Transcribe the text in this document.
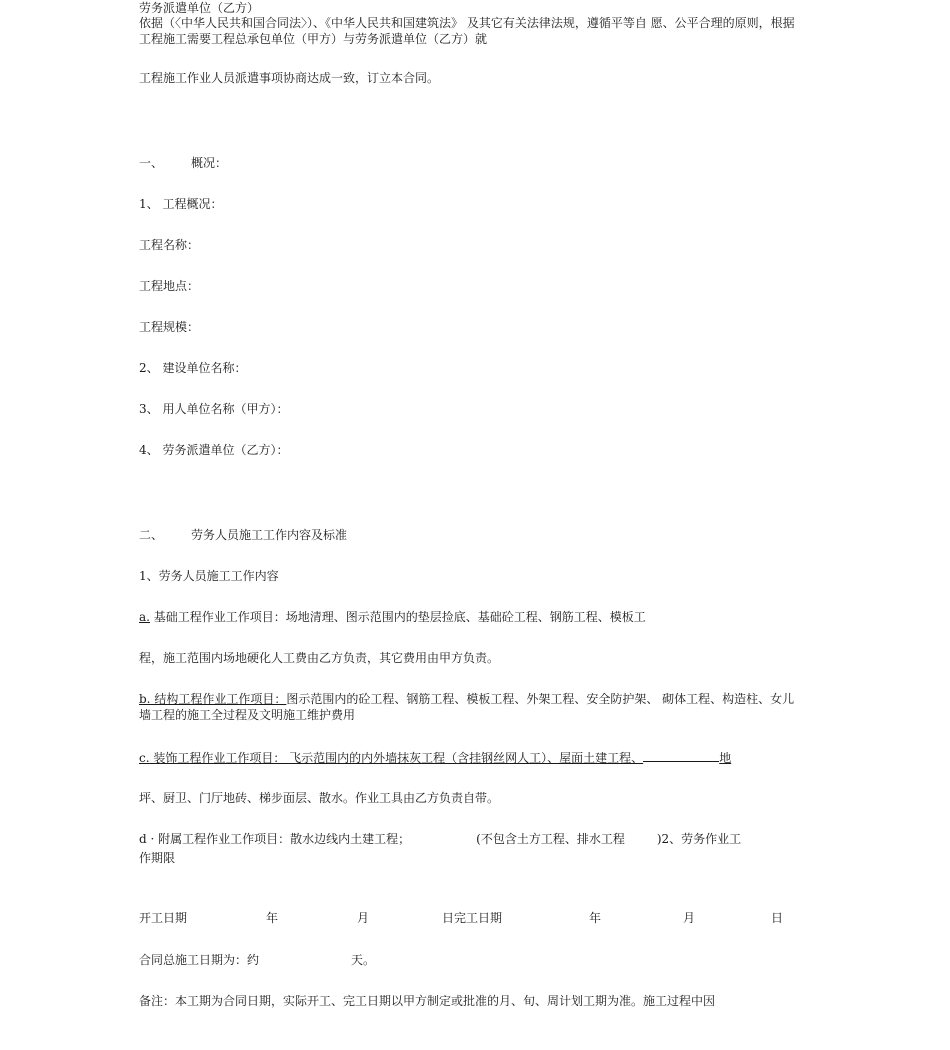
劳务派遣单位（乙方）
依据（〈中华人民共和国合同法〉）、《中华人民共和国建筑法》 及其它有关法律法规，遵循平等自 愿、公平合理的原则，根据工程施工需要工程总承包单位（甲方）与劳务派遣单位（乙方）就
工程施工作业人员派遣事项协商达成一致，订立本合同。
一、 概况：
1、 工程概况：
工程名称：
工程地点：
工程规模：
2、 建设单位名称：
3、 用人单位名称（甲方）：
4、 劳务派遣单位（乙方）：
二、 劳务人员施工工作内容及标准
1、劳务人员施工工作内容
a. 基础工程作业工作项目：场地清理、图示范围内的垫层捡底、基础砼工程、钢筋工程、模板工
程，施工范围内场地硬化人工费由乙方负责，其它费用由甲方负责。
b. 结构工程作业工作项目：图示范围内的砼工程、钢筋工程、模板工程、外架工程、安全防护架、 砌体工程、构造柱、女儿墙工程的施工全过程及文明施工维护费用
c. 装饰工程作业工作项目： 飞示范围内的内外墙抹灰工程（含挂钢丝网人工）、屋面土建工程、	地
坪、厨卫、门厅地砖、梯步面层、散水。作业工具由乙方负责自带。
d · 附属工程作业工作项目：散水边线内土建工程；	(不包含土方工程、排水工程	)2、劳务作业工
作期限
开工日期	年	月	日完工日期	年	月	日
合同总施工日期为：约	天。
备注：本工期为合同日期，实际开工、完工日期以甲方制定或批准的月、旬、周计划工期为准。施工过程中因
